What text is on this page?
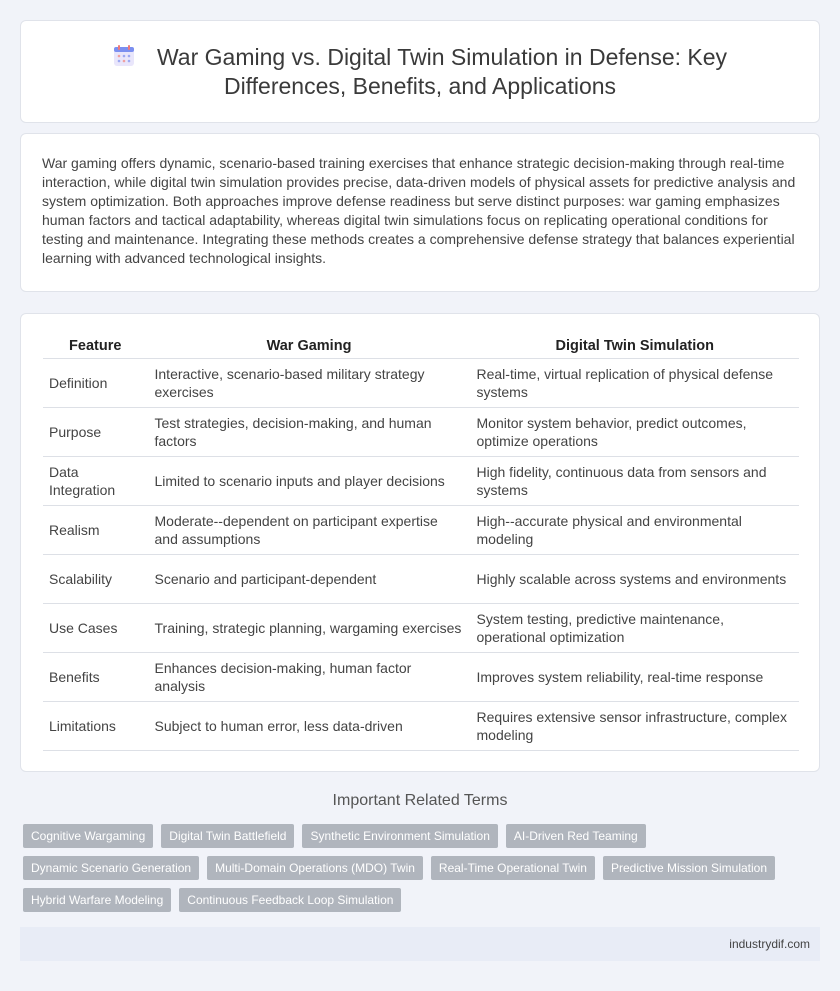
War Gaming vs. Digital Twin Simulation in Defense: Key Differences, Benefits, and Applications

War gaming offers dynamic, scenario-based training exercises that enhance strategic decision-making through real-time interaction, while digital twin simulation provides precise, data-driven models of physical assets for predictive analysis and system optimization. Both approaches improve defense readiness but serve distinct purposes: war gaming emphasizes human factors and tactical adaptability, whereas digital twin simulations focus on replicating operational conditions for testing and maintenance. Integrating these methods creates a comprehensive defense strategy that balances experiential learning with advanced technological insights.

Feature	War Gaming	Digital Twin Simulation
Definition	Interactive, scenario-based military strategy exercises	Real-time, virtual replication of physical defense systems
Purpose	Test strategies, decision-making, and human factors	Monitor system behavior, predict outcomes, optimize operations
Data Integration	Limited to scenario inputs and player decisions	High fidelity, continuous data from sensors and systems
Realism	Moderate--dependent on participant expertise and assumptions	High--accurate physical and environmental modeling
Scalability	Scenario and participant-dependent	Highly scalable across systems and environments
Use Cases	Training, strategic planning, wargaming exercises	System testing, predictive maintenance, operational optimization
Benefits	Enhances decision-making, human factor analysis	Improves system reliability, real-time response
Limitations	Subject to human error, less data-driven	Requires extensive sensor infrastructure, complex modeling
Important Related Terms
Cognitive Wargaming	Digital Twin Battlefield	Synthetic Environment Simulation	AI-Driven Red Teaming
Dynamic Scenario Generation	Multi-Domain Operations (MDO) Twin	Real-Time Operational Twin	Predictive Mission Simulation
Hybrid Warfare Modeling	Continuous Feedback Loop Simulation
industrydif.com
